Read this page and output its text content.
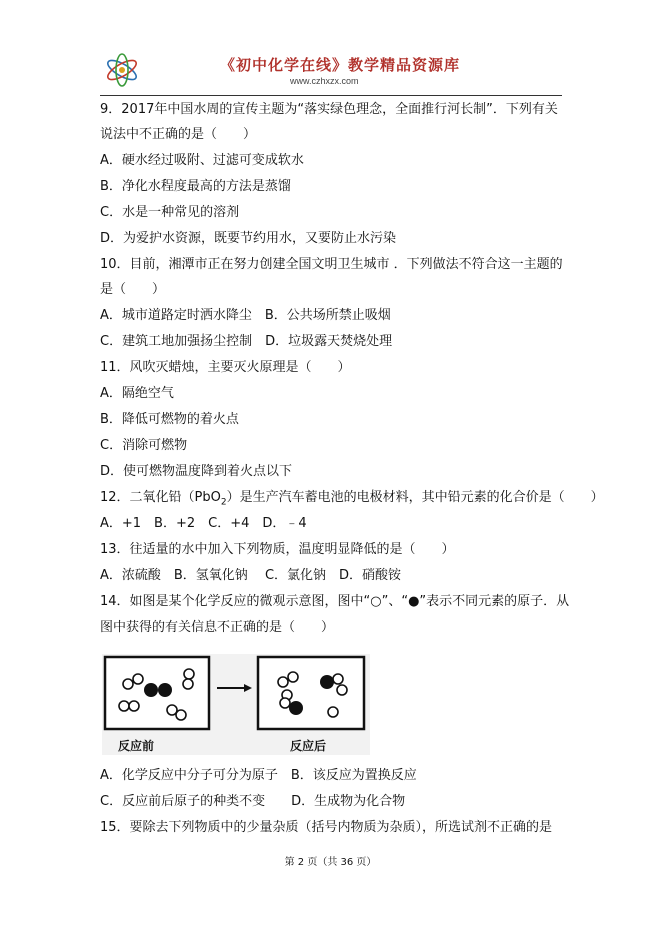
《初中化学在线》教学精品资源库
www.czhxzx.com
9．2017年中国水周的宣传主题为“落实绿色理念，全面推行河长制”．下列有关
说法中不正确的是（　　）
A．硬水经过吸附、过滤可变成软水
B．净化水程度最高的方法是蒸馏
C．水是一种常见的溶剂
D．为爱护水资源，既要节约用水，又要防止水污染
10．目前，湘潭市正在努力创建全国文明卫生城市 ．下列做法不符合这一主题的
是（　　）
A．城市道路定时洒水降尘　B．公共场所禁止吸烟
C．建筑工地加强扬尘控制　D．垃圾露天焚烧处理
11．风吹灭蜡烛，主要灭火原理是（　　）
A．隔绝空气
B．降低可燃物的着火点
C．消除可燃物
D．使可燃物温度降到着火点以下
12．二氧化铅（PbO$_2$）是生产汽车蓄电池的电极材料，其中铅元素的化合价是（　　）
A．+1　B．+2　C．+4　D．﹣4
13．往适量的水中加入下列物质，温度明显降低的是（　　）
A．浓硫酸　B．氢氧化钠　 C．氯化钠　D．硝酸铵
14．如图是某个化学反应的微观示意图，图中“○”、“●”表示不同元素的原子．从
图中获得的有关信息不正确的是（　　）
反应前	反应后
A．化学反应中分子可分为原子　B．该反应为置换反应
C．反应前后原子的种类不变　　D．生成物为化合物
15．要除去下列物质中的少量杂质（括号内物质为杂质），所选试剂不正确的是
第 2 页（共 36 页）
